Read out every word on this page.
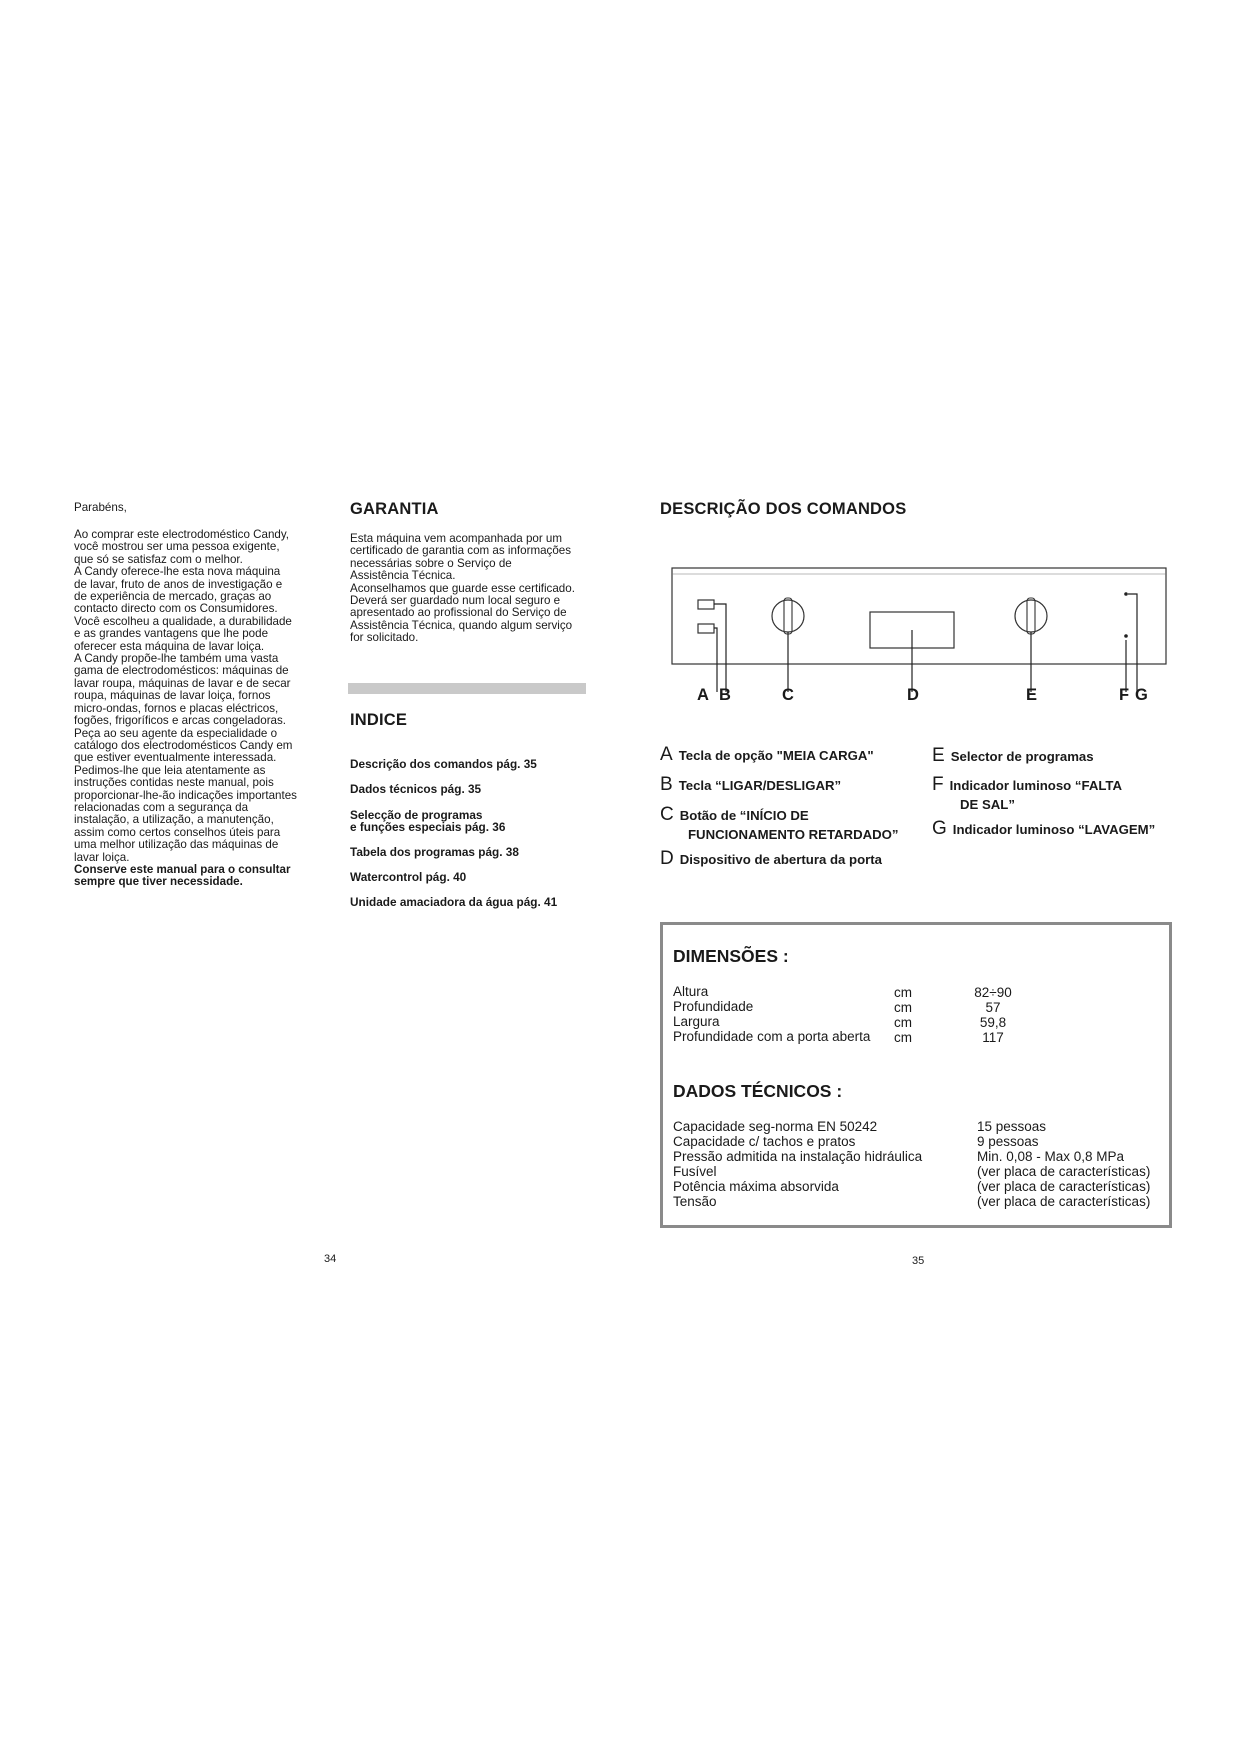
Parabéns,

Ao comprar este electrodoméstico Candy,

você mostrou ser uma pessoa exigente,

que só se satisfaz com o melhor.

A Candy oferece-lhe esta nova máquina

de lavar, fruto de anos de investigação e

de experiência de mercado, graças ao

contacto directo com os Consumidores.

Você escolheu a qualidade, a durabilidade

e as grandes vantagens que lhe pode

oferecer esta máquina de lavar loiça.

A Candy propõe-lhe também uma vasta

gama de electrodomésticos: máquinas de

lavar roupa, máquinas de lavar e de secar

roupa, máquinas de lavar loiça, fornos

micro-ondas, fornos e placas eléctricos,

fogões, frigoríficos e arcas congeladoras.

Peça ao seu agente da especialidade o

catálogo dos electrodomésticos Candy em

que estiver eventualmente interessada.

Pedimos-lhe que leia atentamente as

instruções contidas neste manual, pois

proporcionar-lhe-ão indicações importantes

relacionadas com a segurança da

instalação, a utilização, a manutenção,

assim como certos conselhos úteis para

uma melhor utilização das máquinas de

lavar loiça.

Conserve este manual para o consultar

sempre que tiver necessidade.

GARANTIA
Esta máquina vem acompanhada por um
certificado de garantia com as informações
necessárias sobre o Serviço de
Assistência Técnica.
Aconselhamos que guarde esse certificado.
Deverá ser guardado num local seguro e
apresentado ao profissional do Serviço de
Assistência Técnica, quando algum serviço
for solicitado.
INDICE
Descrição dos comandos pág. 35
Dados técnicos pág. 35
Selecção de programas
e funções especiais pág. 36
Tabela dos programas pág. 38
Watercontrol pág. 40
Unidade amaciadora da água pág. 41
34
DESCRIÇÃO DOS COMANDOS
A B	C	D	E	F G
A Tecla de opção "MEIA CARGA"
B Tecla “LIGAR/DESLIGAR”
C Botão de “INÍCIO DE
FUNCIONAMENTO RETARDADO”
D Dispositivo de abertura da porta
E Selector de programas
F Indicador luminoso “FALTA
DE SAL”
G Indicador luminoso “LAVAGEM”
DIMENSÕES :
Altura	cm	82÷90
Profundidade	cm	57
Largura	cm	59,8
Profundidade com a porta aberta cm	117
DADOS TÉCNICOS :
Capacidade seg-norma EN 50242	15 pessoas
Capacidade c/ tachos e pratos	9 pessoas
Pressão admitida na instalação hidráulica	Min. 0,08 - Max 0,8 MPa
Fusível	(ver placa de características)
Potência máxima absorvida	(ver placa de características)
Tensão	(ver placa de características)
35
